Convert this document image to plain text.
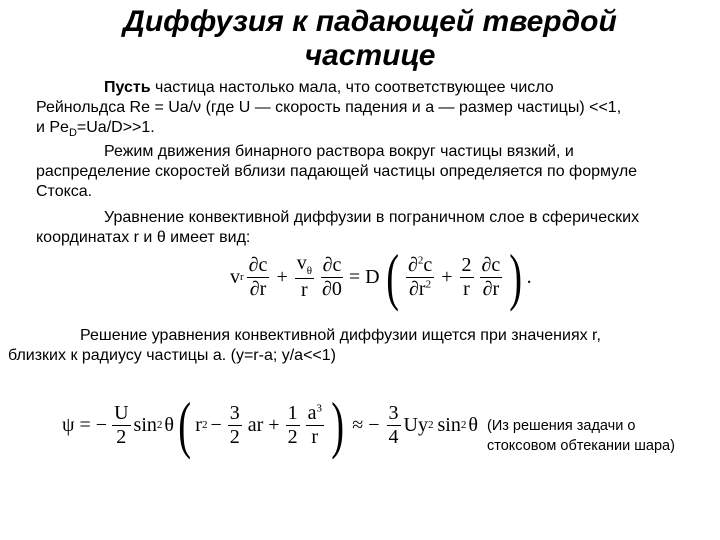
Диффузия к падающей твердой
частице
Пусть частица настолько мала, что соответствующее число
Рейнольдса Re = Ua/ν (где U — скорость падения и a — размер частицы) <<1,
и $Pe_D=Ua/D>>1$.
Режим движения бинарного раствора вокруг частицы вязкий, и
распределение скоростей вблизи падающей частицы определяется по формуле
Стокса.
Уравнение конвективной диффузии в пограничном слое в сферических
координатах r и θ имеет вид:
v r $\frac{\partial c}{\partial r} + \frac{v_\theta}{r} \frac{\partial c}{\partial 0} = D$ ( $\frac{\partial^2c}{\partial r^2} + \frac{2}{r} \frac{\partial c}{\partial r}$ ) .
Решение уравнения конвективной диффузии ищется при значениях r,
близких к радиусу частицы a. (y=r-a; y/a<<1)
ψ = − $\frac{U}{2}$ sin 2 θ ( r $2 - \frac{3}{2}$ ar + $\frac{1}{2} \frac{a^3}{r}$ ) ≈ − $\frac{3}{4}$ Uy 2 sin 2 θ (Из решения задачи о
стоксовом обтекании шара)
